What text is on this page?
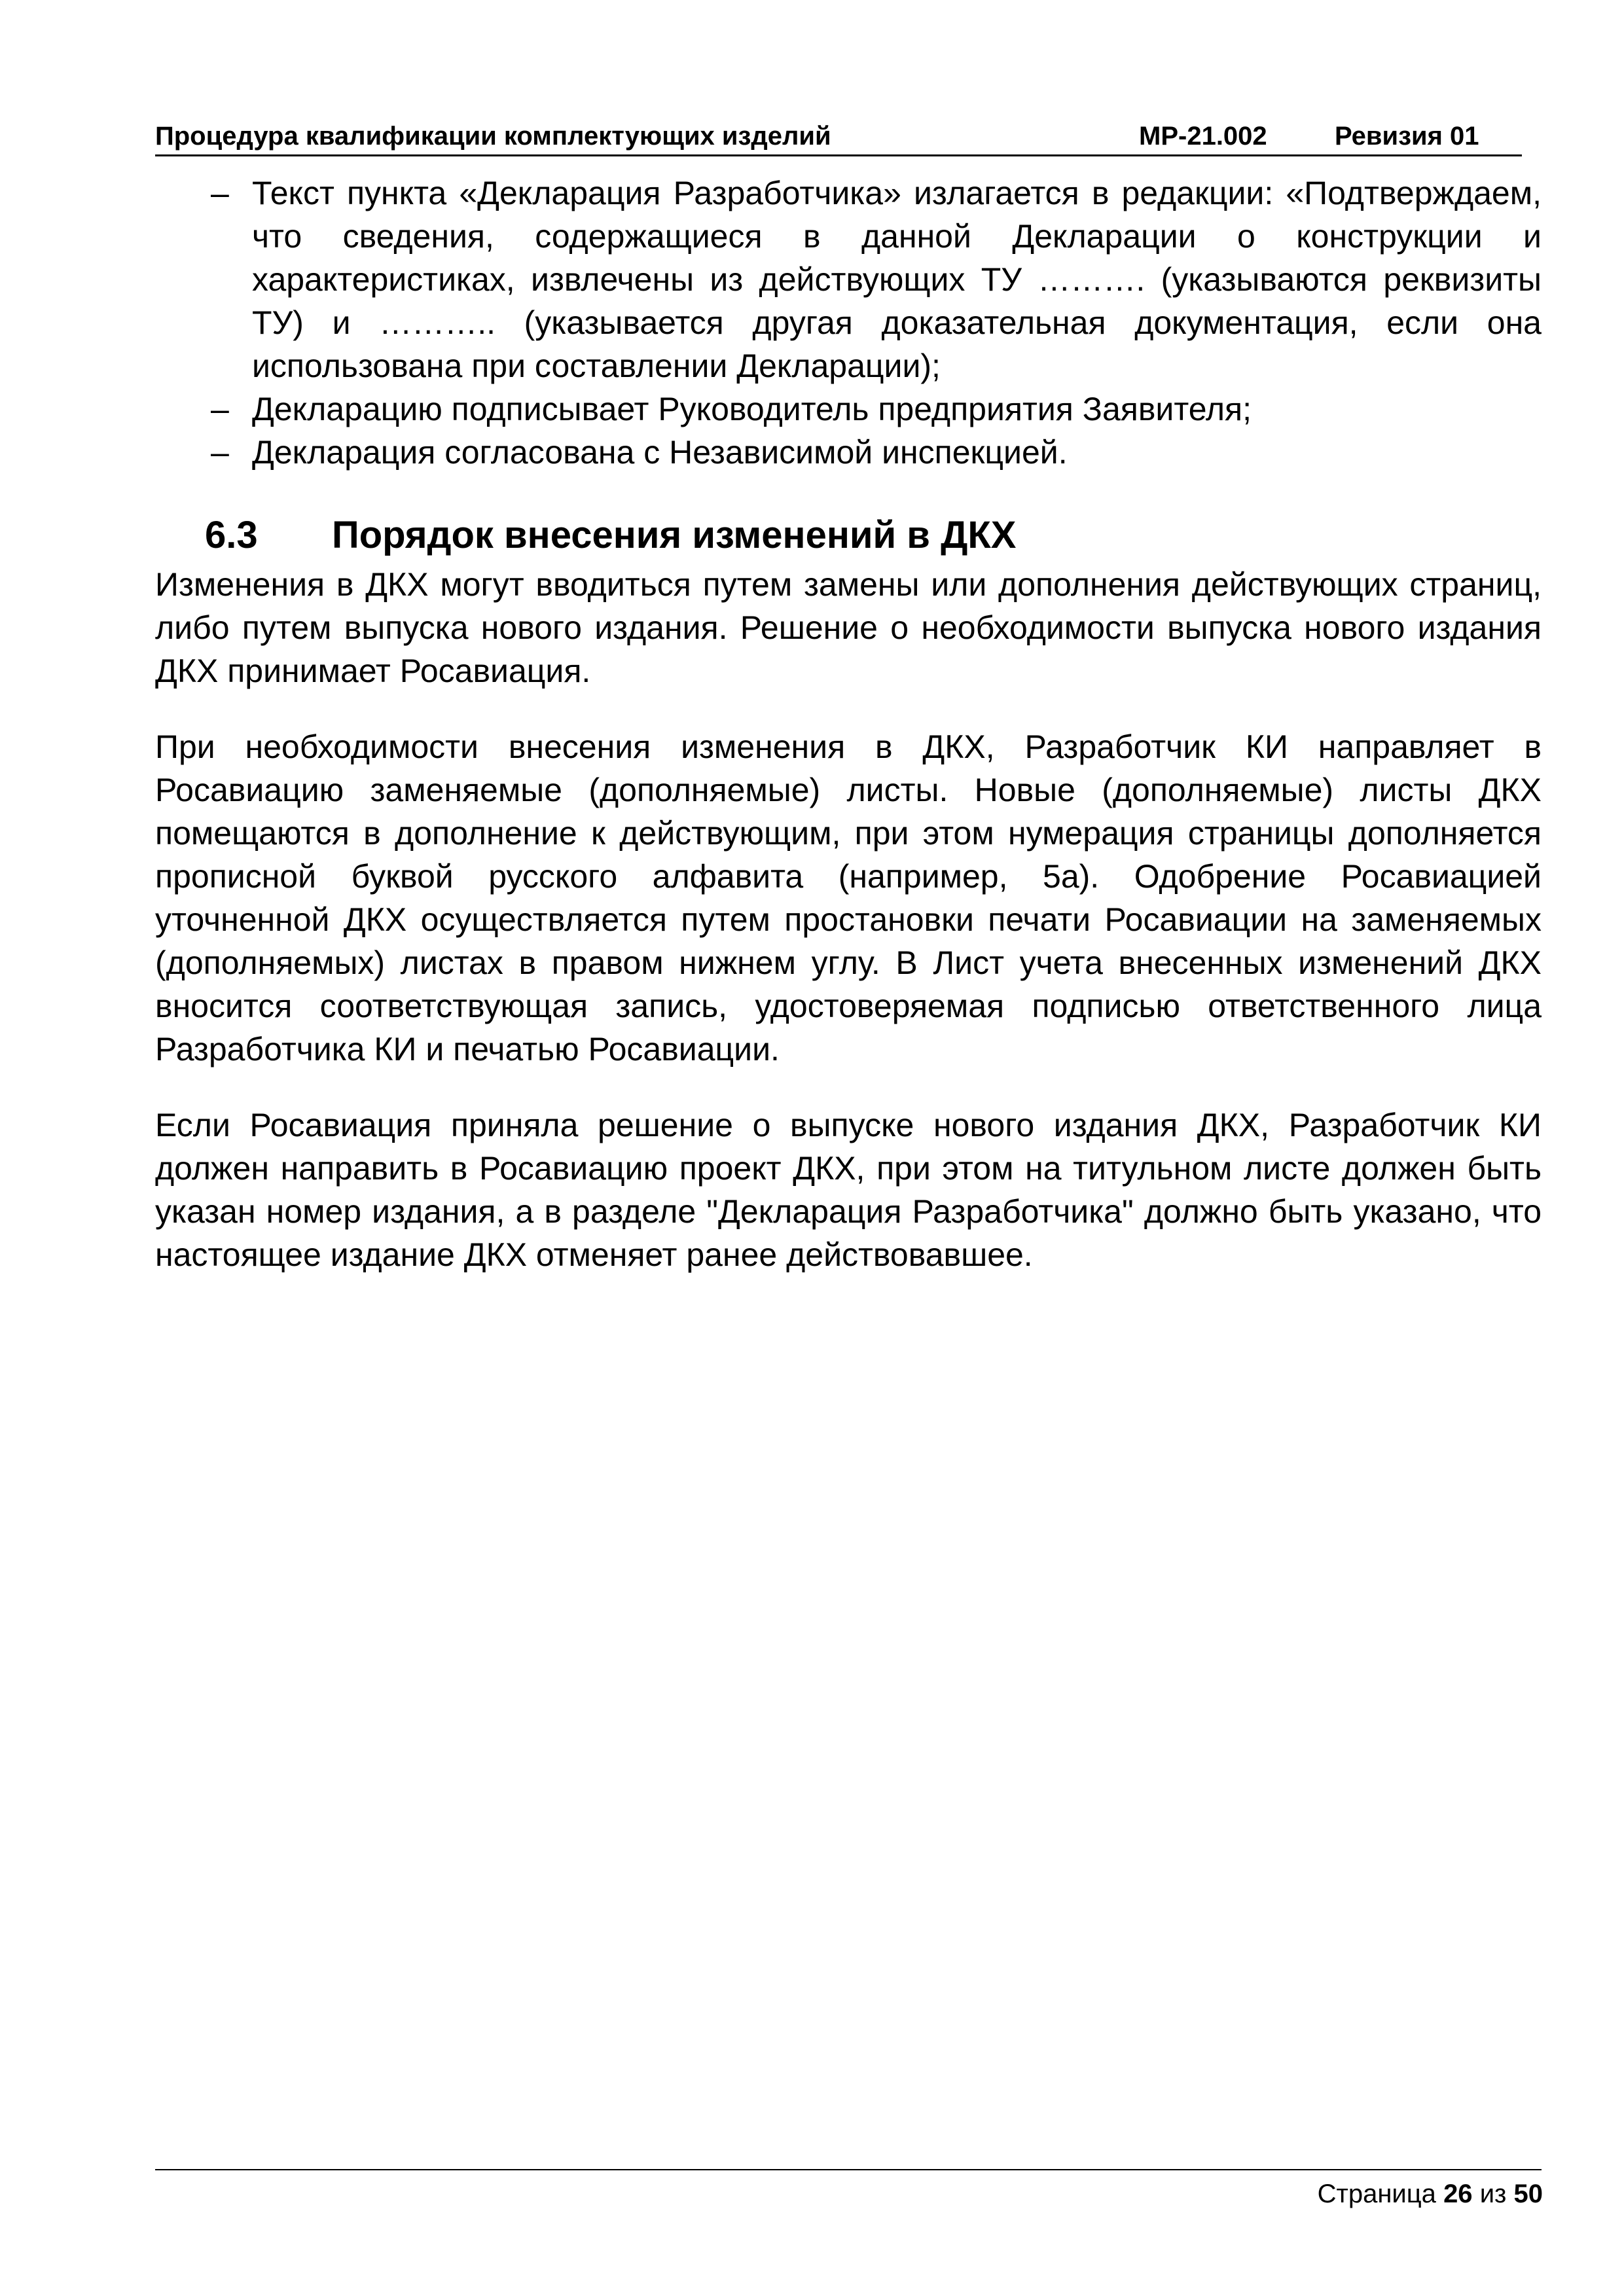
Процедура квалификации комплектующих изделий	МР-21.002	Ревизия 01
– Текст пункта «Декларация Разработчика» излагается в редакции: «Подтверждаем, что сведения, содержащиеся в данной Декларации о конструкции и характеристиках, извлечены из действующих ТУ ………. (указываются реквизиты ТУ) и ……….. (указывается другая доказательная документация, если она использована при составлении Декларации);
– Декларацию подписывает Руководитель предприятия Заявителя;
– Декларация согласована с Независимой инспекцией.
6.3 Порядок внесения изменений в ДКХ

Изменения в ДКХ могут вводиться путем замены или дополнения действующих страниц, либо путем выпуска нового издания. Решение о необходимости выпуска нового издания ДКХ принимает Росавиация.

При необходимости внесения изменения в ДКХ, Разработчик КИ направляет в Росавиацию заменяемые (дополняемые) листы. Новые (дополняемые) листы ДКХ помещаются в дополнение к действующим, при этом нумерация страницы дополняется прописной буквой русского алфавита (например, 5а). Одобрение Росавиацией уточненной ДКХ осуществляется путем простановки печати Росавиации на заменяемых (дополняемых) листах в правом нижнем углу. В Лист учета внесенных изменений ДКХ вносится соответствующая запись, удостоверяемая подписью ответственного лица Разработчика КИ и печатью Росавиации.

Если Росавиация приняла решение о выпуске нового издания ДКХ, Разработчик КИ должен направить в Росавиацию проект ДКХ, при этом на титульном листе должен быть указан номер издания, а в разделе "Декларация Разработчика" должно быть указано, что настоящее издание ДКХ отменяет ранее действовавшее.

Страница 26 из 50
